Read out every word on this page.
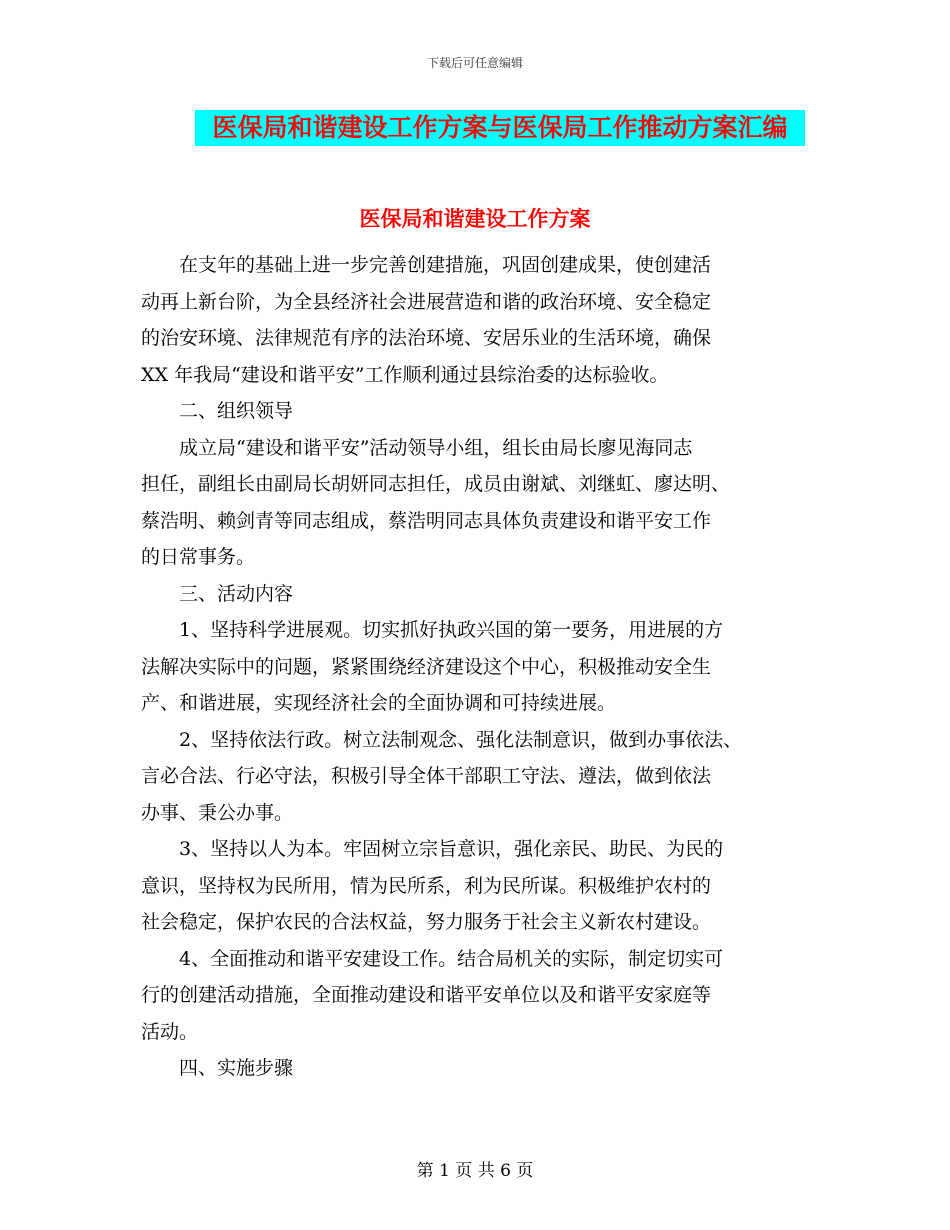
下载后可任意编辑
医保局和谐建设工作方案与医保局工作推动方案汇编
医保局和谐建设工作方案

在支年的基础上进一步完善创建措施，巩固创建成果，使创建活
动再上新台阶，为全县经济社会进展营造和谐的政治环境、安全稳定
的治安环境、法律规范有序的法治环境、安居乐业的生活环境，确保
XX 年我局“建设和谐平安”工作顺利通过县综治委的达标验收。

二、组织领导

成立局“建设和谐平安”活动领导小组，组长由局长廖见海同志
担任，副组长由副局长胡妍同志担任，成员由谢斌、刘继虹、廖达明、
蔡浩明、赖剑青等同志组成，蔡浩明同志具体负责建设和谐平安工作
的日常事务。

三、活动内容

1、坚持科学进展观。切实抓好执政兴国的第一要务，用进展的方
法解决实际中的问题，紧紧围绕经济建设这个中心，积极推动安全生
产、和谐进展，实现经济社会的全面协调和可持续进展。

2、坚持依法行政。树立法制观念、强化法制意识，做到办事依法、
言必合法、行必守法，积极引导全体干部职工守法、遵法，做到依法
办事、秉公办事。

3、坚持以人为本。牢固树立宗旨意识，强化亲民、助民、为民的
意识，坚持权为民所用，情为民所系，利为民所谋。积极维护农村的
社会稳定，保护农民的合法权益，努力服务于社会主义新农村建设。

4、全面推动和谐平安建设工作。结合局机关的实际，制定切实可
行的创建活动措施，全面推动建设和谐平安单位以及和谐平安家庭等
活动。

四、实施步骤

第 1 页 共 6 页
